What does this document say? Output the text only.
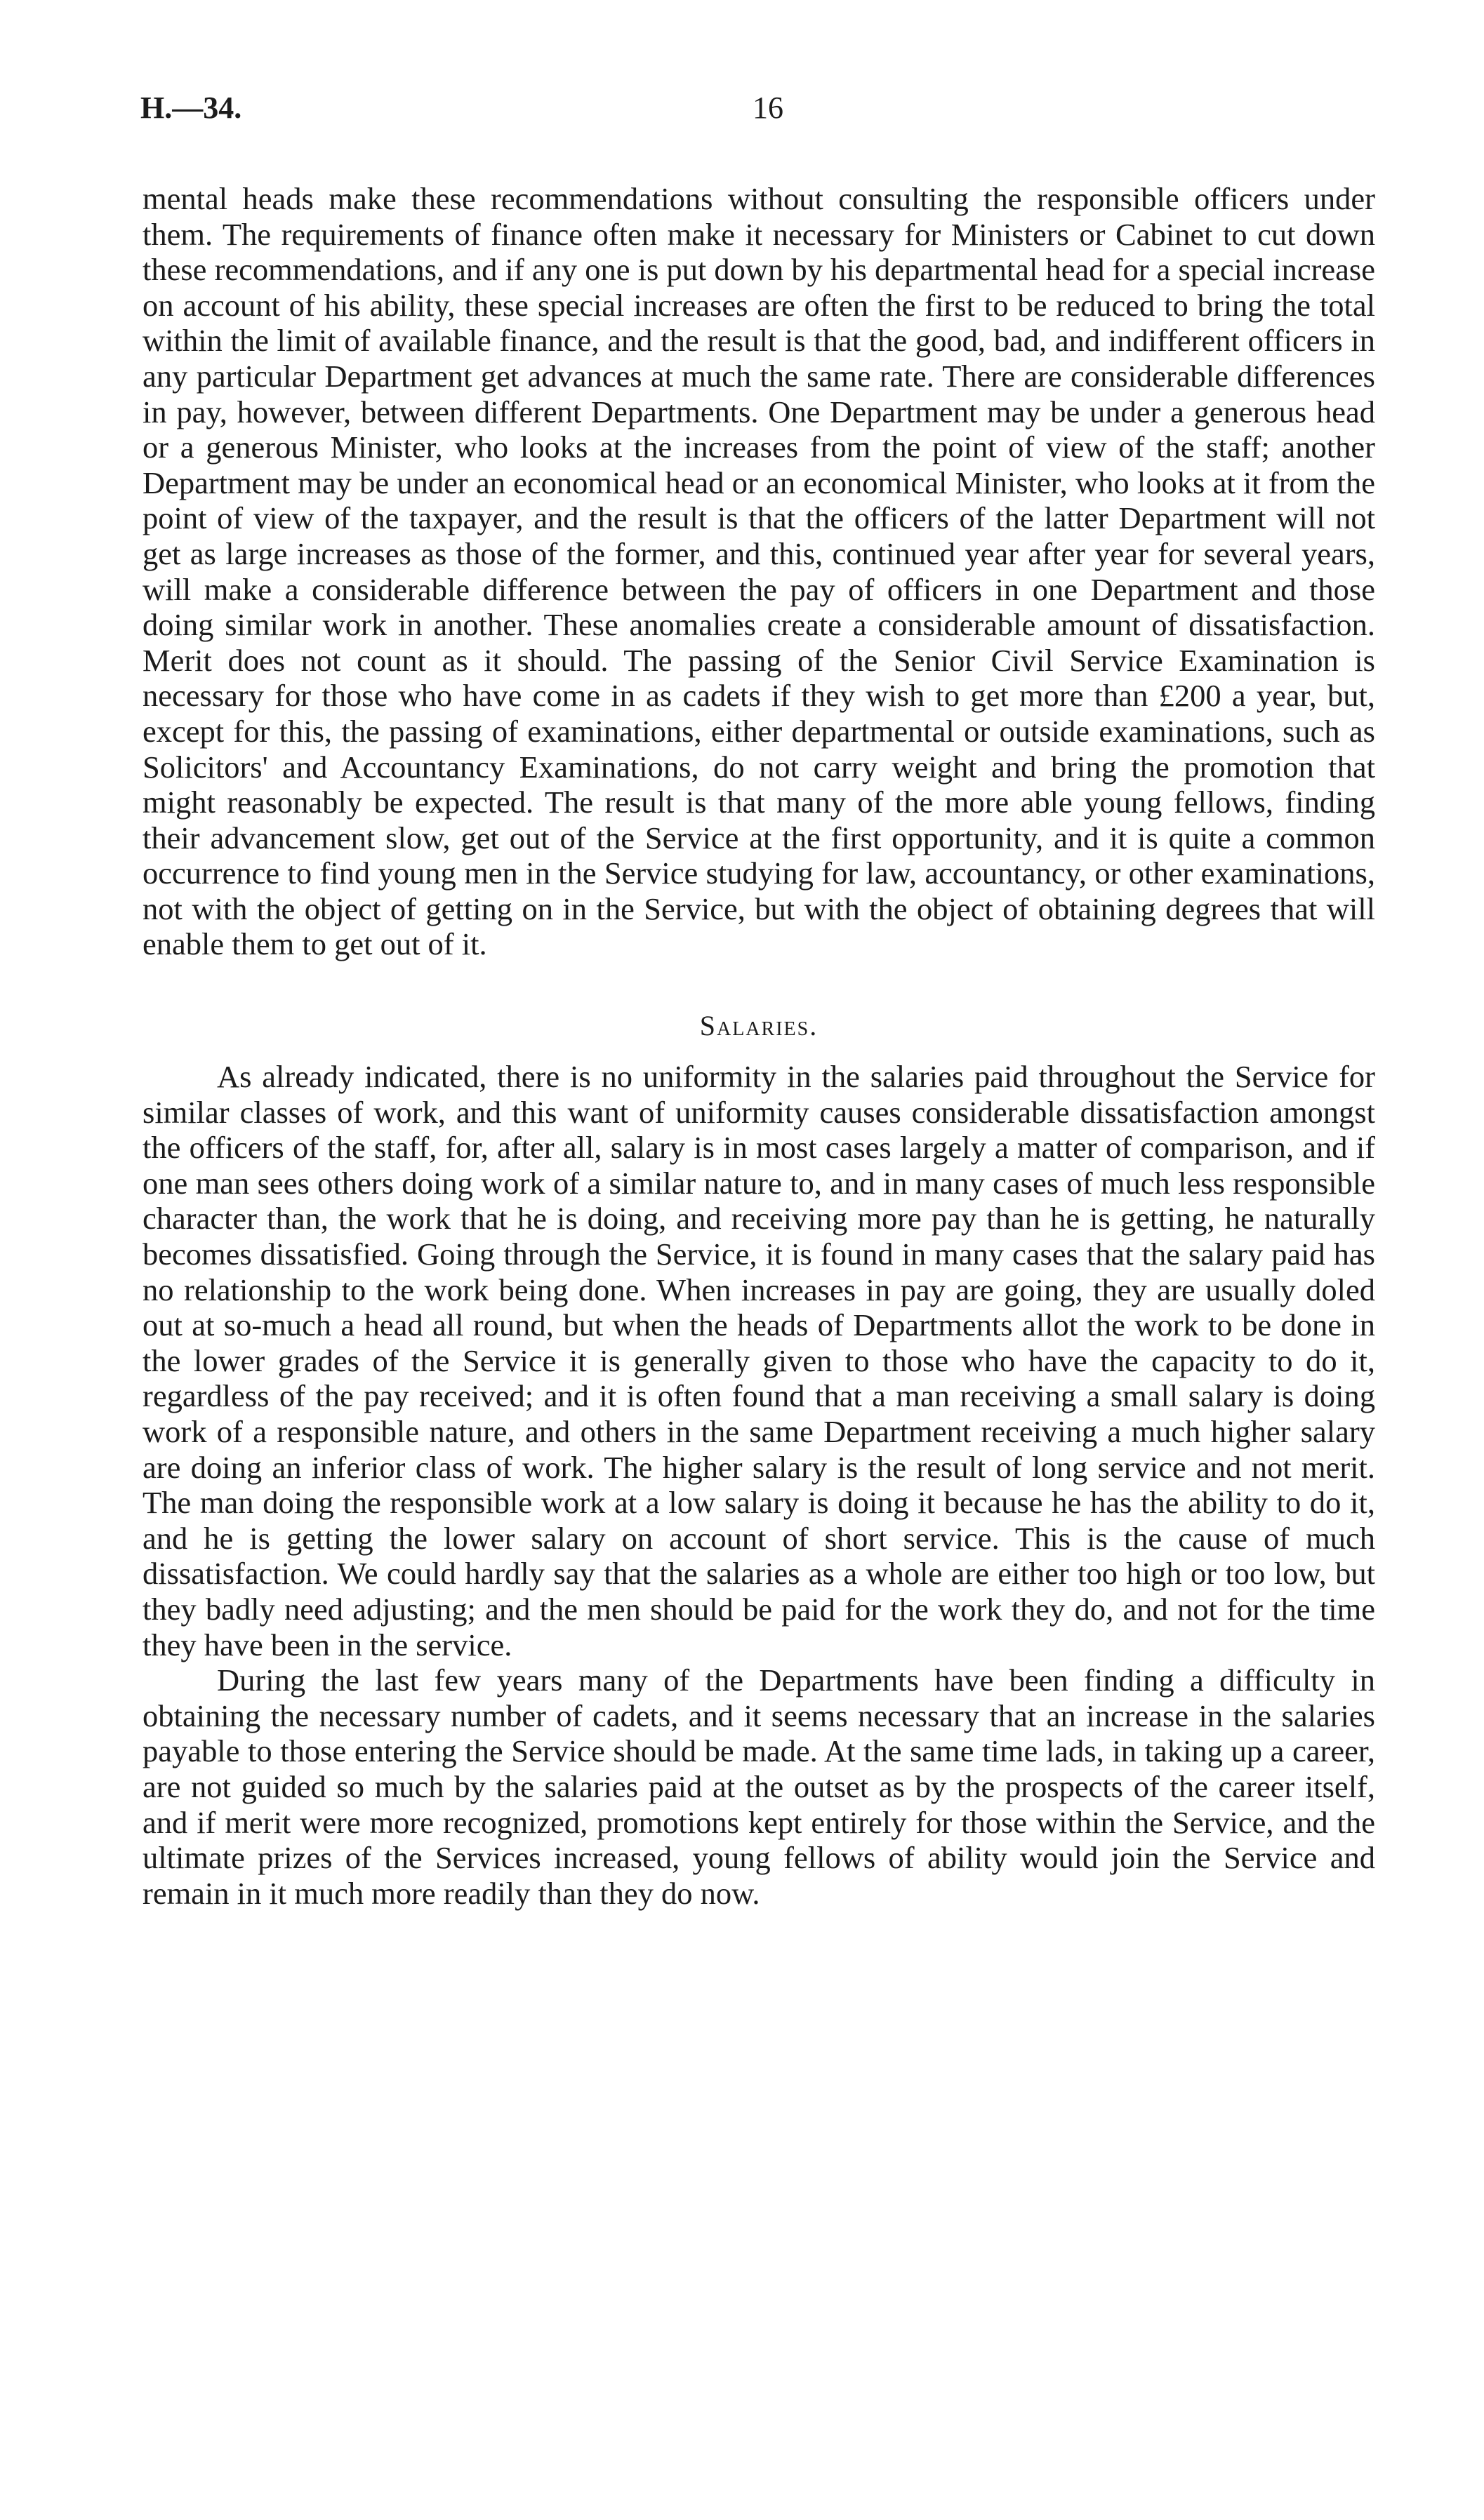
H.—34.	16

mental heads make these recommendations without consulting the responsible officers under them. The requirements of finance often make it necessary for Ministers or Cabinet to cut down these recommendations, and if any one is put down by his departmental head for a special increase on account of his ability, these special increases are often the first to be reduced to bring the total within the limit of available finance, and the result is that the good, bad, and indifferent officers in any particular Department get advances at much the same rate. There are considerable differences in pay, however, between different Departments. One Department may be under a generous head or a generous Minister, who looks at the increases from the point of view of the staff; another Department may be under an economical head or an economical Minister, who looks at it from the point of view of the taxpayer, and the result is that the officers of the latter Department will not get as large increases as those of the former, and this, continued year after year for several years, will make a considerable difference between the pay of officers in one Department and those doing similar work in another. These anomalies create a considerable amount of dissatisfaction. Merit does not count as it should. The passing of the Senior Civil Service Examination is necessary for those who have come in as cadets if they wish to get more than £200 a year, but, except for this, the passing of examinations, either departmental or outside examinations, such as Solicitors' and Accountancy Examinations, do not carry weight and bring the promotion that might reasonably be expected. The result is that many of the more able young fellows, finding their advancement slow, get out of the Service at the first opportunity, and it is quite a common occurrence to find young men in the Service studying for law, accountancy, or other examinations, not with the object of getting on in the Service, but with the object of obtaining degrees that will enable them to get out of it.

Salaries.

As already indicated, there is no uniformity in the salaries paid throughout the Service for similar classes of work, and this want of uniformity causes considerable dissatisfaction amongst the officers of the staff, for, after all, salary is in most cases largely a matter of comparison, and if one man sees others doing work of a similar nature to, and in many cases of much less responsible character than, the work that he is doing, and receiving more pay than he is getting, he naturally becomes dissatisfied. Going through the Service, it is found in many cases that the salary paid has no relationship to the work being done. When increases in pay are going, they are usually doled out at so-much a head all round, but when the heads of Departments allot the work to be done in the lower grades of the Service it is generally given to those who have the capacity to do it, regardless of the pay received; and it is often found that a man receiving a small salary is doing work of a responsible nature, and others in the same Department receiving a much higher salary are doing an inferior class of work. The higher salary is the result of long service and not merit. The man doing the responsible work at a low salary is doing it because he has the ability to do it, and he is getting the lower salary on account of short service. This is the cause of much dissatisfaction. We could hardly say that the salaries as a whole are either too high or too low, but they badly need adjusting; and the men should be paid for the work they do, and not for the time they have been in the service.

During the last few years many of the Departments have been finding a difficulty in obtaining the necessary number of cadets, and it seems necessary that an increase in the salaries payable to those entering the Service should be made. At the same time lads, in taking up a career, are not guided so much by the salaries paid at the outset as by the prospects of the career itself, and if merit were more recognized, promotions kept entirely for those within the Service, and the ultimate prizes of the Services increased, young fellows of ability would join the Service and remain in it much more readily than they do now.
